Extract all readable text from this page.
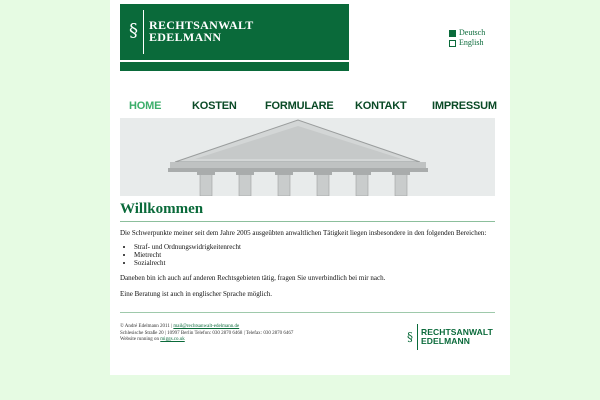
§ RECHTSANWALT
EDELMANN	Deutsch
English
HOME	KOSTEN	FORMULARE KONTAKT IMPRESSUM
Willkommen

Die Schwerpunkte meiner seit dem Jahre 2005 ausgeübten anwaltlichen Tätigkeit liegen insbesondere in den folgenden Bereichen:

• Straf- und Ordnungswidrigkeitenrecht
• Mietrecht
• Sozialrecht

Daneben bin ich auch auf anderen Rechtsgebieten tätig, fragen Sie unverbindlich bei mir nach.

Eine Beratung ist auch in englischer Sprache möglich.

© André Edelmann 2011 | mail@rechtsanwalt-edelmann.de
Schlesische Straße 20 | 10997 Berlin Telefon: 030 2870 6468 | Telefax: 030 2870 6467
Website running on miggs.co.uk	§ RECHTSANWALT
EDELMANN
